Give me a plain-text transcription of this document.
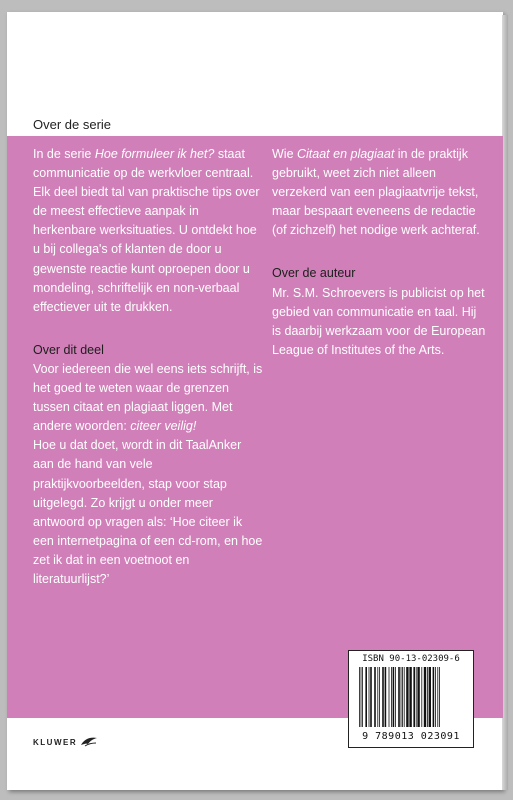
Over de serie

In de serie Hoe formuleer ik het? staat communicatie op de werkvloer centraal. Elk deel biedt tal van praktische tips over de meest effectieve aanpak in herkenbare werksituaties. U ontdekt hoe u bij collega's of klanten de door u gewenste reactie kunt oproepen door u mondeling, schriftelijk en non-verbaal effectiever uit te drukken.

Over dit deel

Voor iedereen die wel eens iets schrijft, is het goed te weten waar de grenzen tussen citaat en plagiaat liggen. Met andere woorden: citeer veilig!

Hoe u dat doet, wordt in dit TaalAnker aan de hand van vele praktijkvoorbeelden, stap voor stap uitgelegd. Zo krijgt u onder meer antwoord op vragen als: ‘Hoe citeer ik een internetpagina of een cd-rom, en hoe zet ik dat in een voetnoot en literatuurlijst?’

Wie Citaat en plagiaat in de praktijk gebruikt, weet zich niet alleen verzekerd van een plagiaatvrije tekst, maar bespaart eveneens de redactie (of zichzelf) het nodige werk achteraf.

Over de auteur

Mr. S.M. Schroevers is publicist op het gebied van communicatie en taal. Hij is daarbij werkzaam voor de European League of Institutes of the Arts.

ISBN 90-13-02309-6
9 789013 023091
KLUWER
